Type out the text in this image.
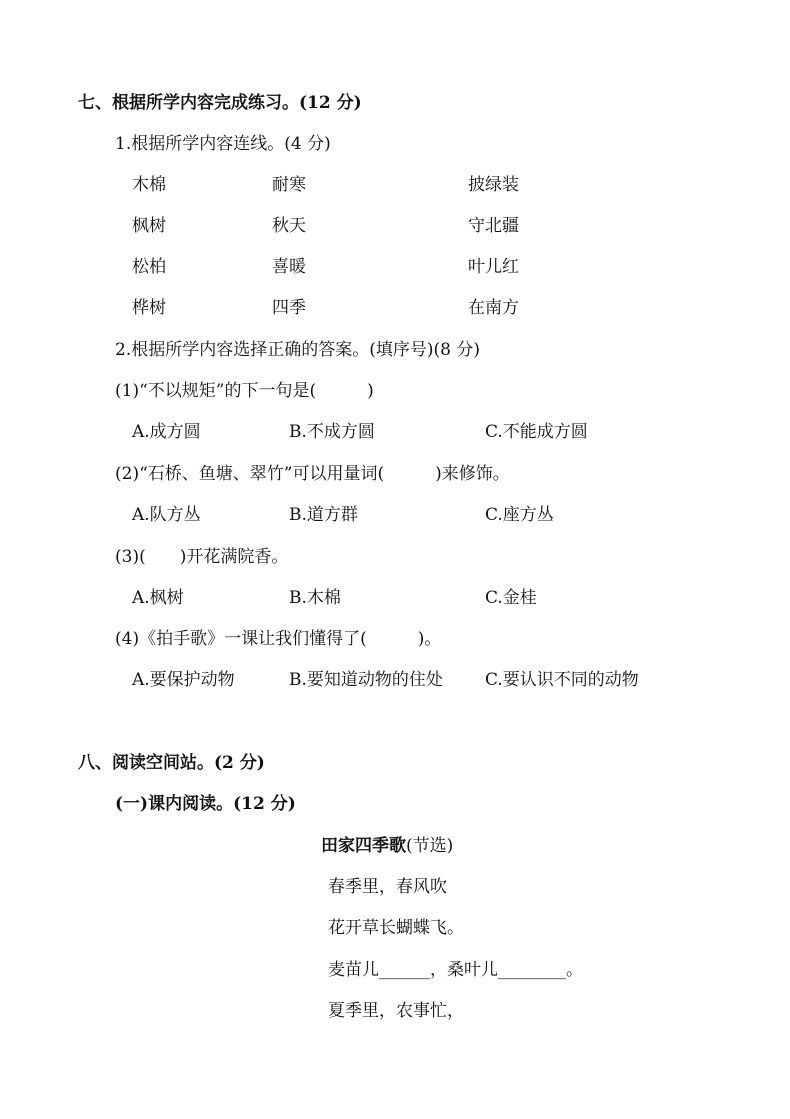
七、根据所学内容完成练习。(12 分)
1.根据所学内容连线。(4 分)
木棉	耐寒	披绿装
枫树	秋天	守北疆
松柏	喜暖	叶儿红
桦树	四季	在南方
2.根据所学内容选择正确的答案。(填序号)(8 分)
(1)“不以规矩”的下一句是(　　　)
A.成方圆	B.不成方圆	C.不能成方圆
(2)“石桥、鱼塘、翠竹”可以用量词(　　　)来修饰。
A.队方丛	B.道方群	C.座方丛
(3)(　　)开花满院香。
A.枫树	B.木棉	C.金桂
(4)《拍手歌》一课让我们懂得了(　　　)。
A.要保护动物	B.要知道动物的住处 C.要认识不同的动物
八、阅读空间站。(2 分)
(一)课内阅读。(12 分)
田家四季歌(节选)
春季里，春风吹
花开草长蝴蝶飞。
麦苗儿______，桑叶儿________。
夏季里，农事忙，
